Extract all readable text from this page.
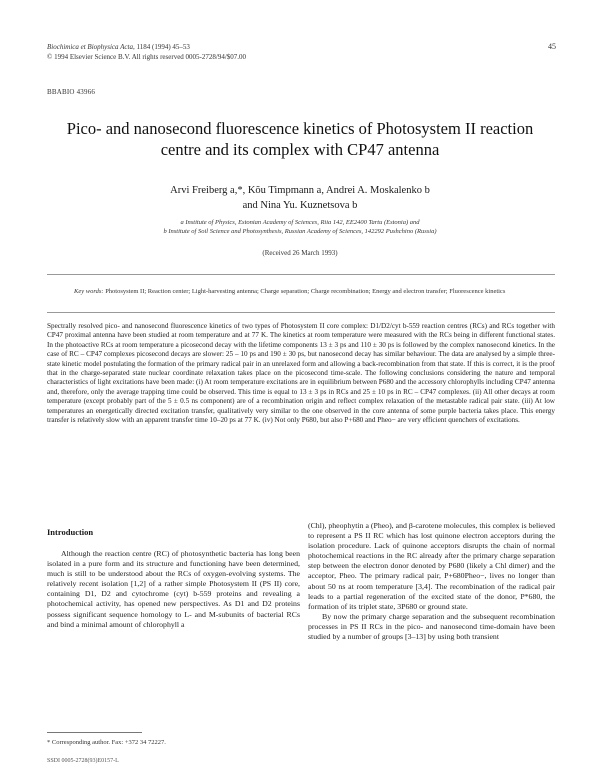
Biochimica et Biophysica Acta, 1184 (1994) 45–53
© 1994 Elsevier Science B.V. All rights reserved 0005-2728/94/$07.00
45
BBABIO 43966
Pico- and nanosecond fluorescence kinetics of Photosystem II reaction centre and its complex with CP47 antenna
Arvi Freiberg a,*, Kõu Timpmann a, Andrei A. Moskalenko b
and Nina Yu. Kuznetsova b
a Institute of Physics, Estonian Academy of Sciences, Riia 142, EE2400 Tartu (Estonia) and
b Institute of Soil Science and Photosynthesis, Russian Academy of Sciences, 142292 Pushchino (Russia)
(Received 26 March 1993)
Key words: Photosystem II; Reaction center; Light-harvesting antenna; Charge separation; Charge recombination; Energy and electron transfer; Fluorescence kinetics
Spectrally resolved pico- and nanosecond fluorescence kinetics of two types of Photosystem II core complex: D1/D2/cyt b-559 reaction centres (RCs) and RCs together with CP47 proximal antenna have been studied at room temperature and at 77 K. The kinetics at room temperature were measured with the RCs being in different functional states. In the photoactive RCs at room temperature a picosecond decay with the lifetime components 13 ± 3 ps and 110 ± 30 ps is followed by the complex nanosecond kinetics. In the case of RC – CP47 complexes picosecond decays are slower: 25 – 10 ps and 190 ± 30 ps, but nanosecond decay has similar behaviour. The data are analysed by a simple three-state kinetic model postulating the formation of the primary radical pair in an unrelaxed form and allowing a back-recombination from that state. If this is correct, it is the proof that in the charge-separated state nuclear coordinate relaxation takes place on the picosecond time-scale. The following conclusions considering the nature and temporal characteristics of light excitations have been made: (i) At room temperature excitations are in equilibrium between P680 and the accessory chlorophylls including CP47 antenna and, therefore, only the average trapping time could be observed. This time is equal to 13 ± 3 ps in RCs and 25 ± 10 ps in RC – CP47 complexes. (ii) All other decays at room temperature (except probably part of the 5 ± 0.5 ns component) are of a recombination origin and reflect complex relaxation of the metastable radical pair state. (iii) At low temperatures an energetically directed excitation transfer, qualitatively very similar to the one observed in the core antenna of some purple bacteria takes place. This energy transfer is relatively slow with an apparent transfer time 10–20 ps at 77 K. (iv) Not only P680, but also P+680 and Pheo− are very efficient quenchers of excitations.
Introduction

Although the reaction centre (RC) of photosynthetic bacteria has long been isolated in a pure form and its structure and functioning have been determined, much is still to be understood about the RCs of oxygen-evolving systems. The relatively recent isolation [1,2] of a rather simple Photosystem II (PS II) core, containing D1, D2 and cytochrome (cyt) b-559 proteins and revealing a photochemical activity, has opened new perspectives. As D1 and D2 proteins possess significant sequence homology to L- and M-subunits of bacterial RCs and bind a minimal amount of chlorophyll a

(Chl), pheophytin a (Pheo), and β-carotene molecules, this complex is believed to represent a PS II RC which has lost quinone electron acceptors during the isolation procedure. Lack of quinone acceptors disrupts the chain of normal photochemical reactions in the RC already after the primary charge separation step between the electron donor denoted by P680 (likely a Chl dimer) and the acceptor, Pheo. The primary radical pair, P+680Pheo−, lives no longer than about 50 ns at room temperature [3,4]. The recombination of the radical pair leads to a partial regeneration of the excited state of the donor, P*680, the formation of its triplet state, 3P680 or ground state.

By now the primary charge separation and the subsequent recombination processes in PS II RCs in the pico- and nanosecond time-domain have been studied by a number of groups [3–13] by using both transient

* Corresponding author. Fax: +372 34 72227.
SSDI 0005-2728(93)E0157-L
